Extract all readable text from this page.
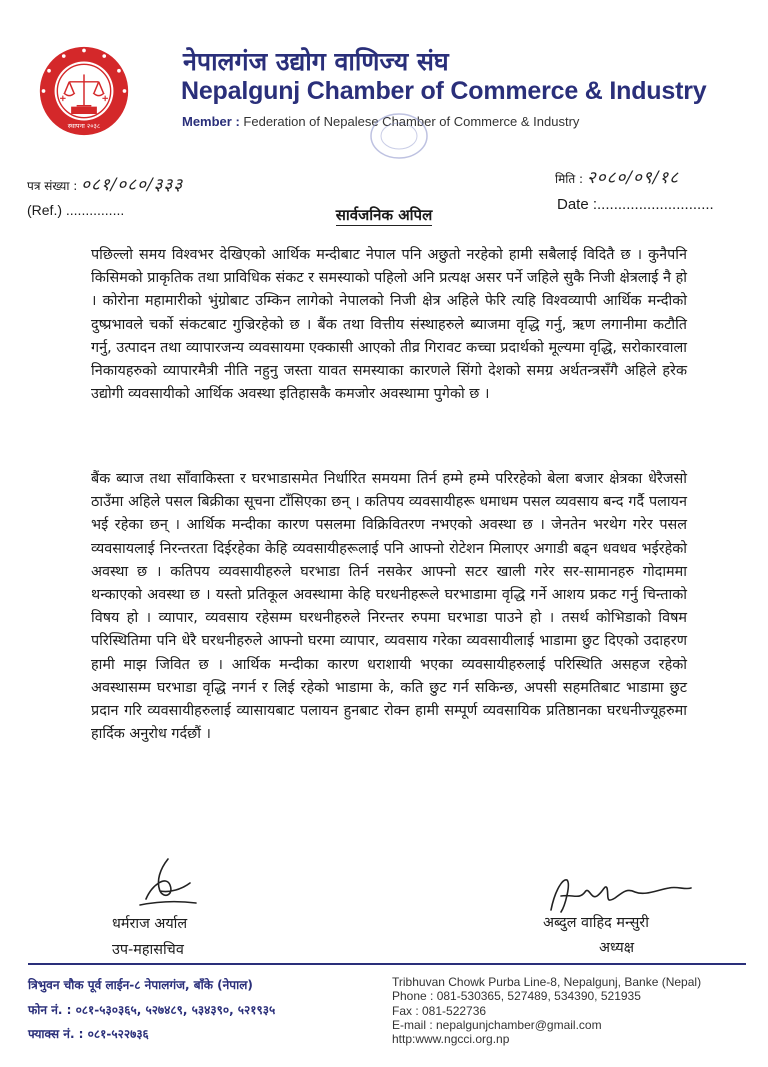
स्थापना २०३८
नेपालगंज उद्योग वाणिज्य संघ
Nepalgunj Chamber of Commerce & Industry
Member : Federation of Nepalese Chamber of Commerce & Industry
पत्र संख्या : ०८१/०८०/३३३
(Ref.) ...............
मिति : २०८०/०९/१८
Date :............................
सार्वजनिक अपिल
पछिल्लो समय विश्वभर देखिएको आर्थिक मन्दीबाट नेपाल पनि अछुतो नरहेको हामी सबैलाई विदितै छ । कुनैपनि किसिमको प्राकृतिक तथा प्राविधिक संकट र समस्याको पहिलो अनि प्रत्यक्ष असर पर्ने जहिले सुकै निजी क्षेत्रलाई नै हो । कोरोना महामारीको भुंग्रोबाट उम्किन लागेको नेपालको निजी क्षेत्र अहिले फेरि त्यहि विश्वव्यापी आर्थिक मन्दीको दुष्प्रभावले चर्को संकटबाट गुज्रिरहेको छ । बैंक तथा वित्तीय संस्थाहरुले ब्याजमा वृद्धि गर्नु, ऋण लगानीमा कटौति गर्नु, उत्पादन तथा व्यापारजन्य व्यवसायमा एक्कासी आएको तीव्र गिरावट कच्चा प्रदार्थको मूल्यमा वृद्धि, सरोकारवाला निकायहरुको व्यापारमैत्री नीति नहुनु जस्ता यावत समस्याका कारणले सिंगो देशको समग्र अर्थतन्त्रसँगै अहिले हरेक उद्योगी व्यवसायीको आर्थिक अवस्था इतिहासकै कमजोर अवस्थामा पुगेको छ ।
बैंक ब्याज तथा साँवाकिस्ता र घरभाडासमेत निर्धारित समयमा तिर्न हम्मे हम्मे परिरहेको बेला बजार क्षेत्रका धेरैजसो ठाउँमा अहिले पसल बिक्रीका सूचना टाँसिएका छन् । कतिपय व्यवसायीहरू धमाधम पसल व्यवसाय बन्द गर्दै पलायन भई रहेका छन् । आर्थिक मन्दीका कारण पसलमा विक्रिवितरण नभएको अवस्था छ । जेनतेन भरथेग गरेर पसल व्यवसायलाई निरन्तरता दिईरहेका केहि व्यवसायीहरूलाई पनि आफ्नो रोटेशन मिलाएर अगाडी बढ्न धवधव भईरहेको अवस्था छ । कतिपय व्यवसायीहरुले घरभाडा तिर्न नसकेर आफ्नो सटर खाली गरेर सर-सामानहरु गोदाममा थन्काएको अवस्था छ । यस्तो प्रतिकूल अवस्थामा केहि घरधनीहरूले घरभाडामा वृद्धि गर्ने आशय प्रकट गर्नु चिन्ताको विषय हो । व्यापार, व्यवसाय रहेसम्म घरधनीहरुले निरन्तर रुपमा घरभाडा पाउने हो । तसर्थ कोभिडाको विषम परिस्थितिमा पनि धेरै घरधनीहरुले आफ्नो घरमा व्यापार, व्यवसाय गरेका व्यवसायीलाई भाडामा छुट दिएको उदाहरण हामी माझ जिवित छ । आर्थिक मन्दीका कारण धराशायी भएका व्यवसायीहरुलाई परिस्थिति असहज रहेको अवस्थासम्म घरभाडा वृद्धि नगर्न र लिई रहेको भाडामा के, कति छुट गर्न सकिन्छ, अपसी सहमतिबाट भाडामा छुट प्रदान गरि व्यवसायीहरुलाई व्यासायबाट पलायन हुनबाट रोक्न हामी सम्पूर्ण व्यवसायिक प्रतिष्ठानका घरधनीज्यूहरुमा हार्दिक अनुरोध गर्दछौं ।
धर्मराज अर्याल
उप-महासचिव
अब्दुल वाहिद मन्सुरी
अध्यक्ष
त्रिभुवन चौक पूर्व लाईन-८ नेपालगंज, बाँके (नेपाल)
फोन नं. : ०८१-५३०३६५, ५२७४८९, ५३४३९०, ५२१९३५
फ्याक्स नं. : ०८१-५२२७३६
Tribhuvan Chowk Purba Line-8, Nepalgunj, Banke (Nepal)
Phone : 081-530365, 527489, 534390, 521935
Fax : 081-522736
E-mail : nepalgunjchamber@gmail.com
http:www.ngcci.org.np
